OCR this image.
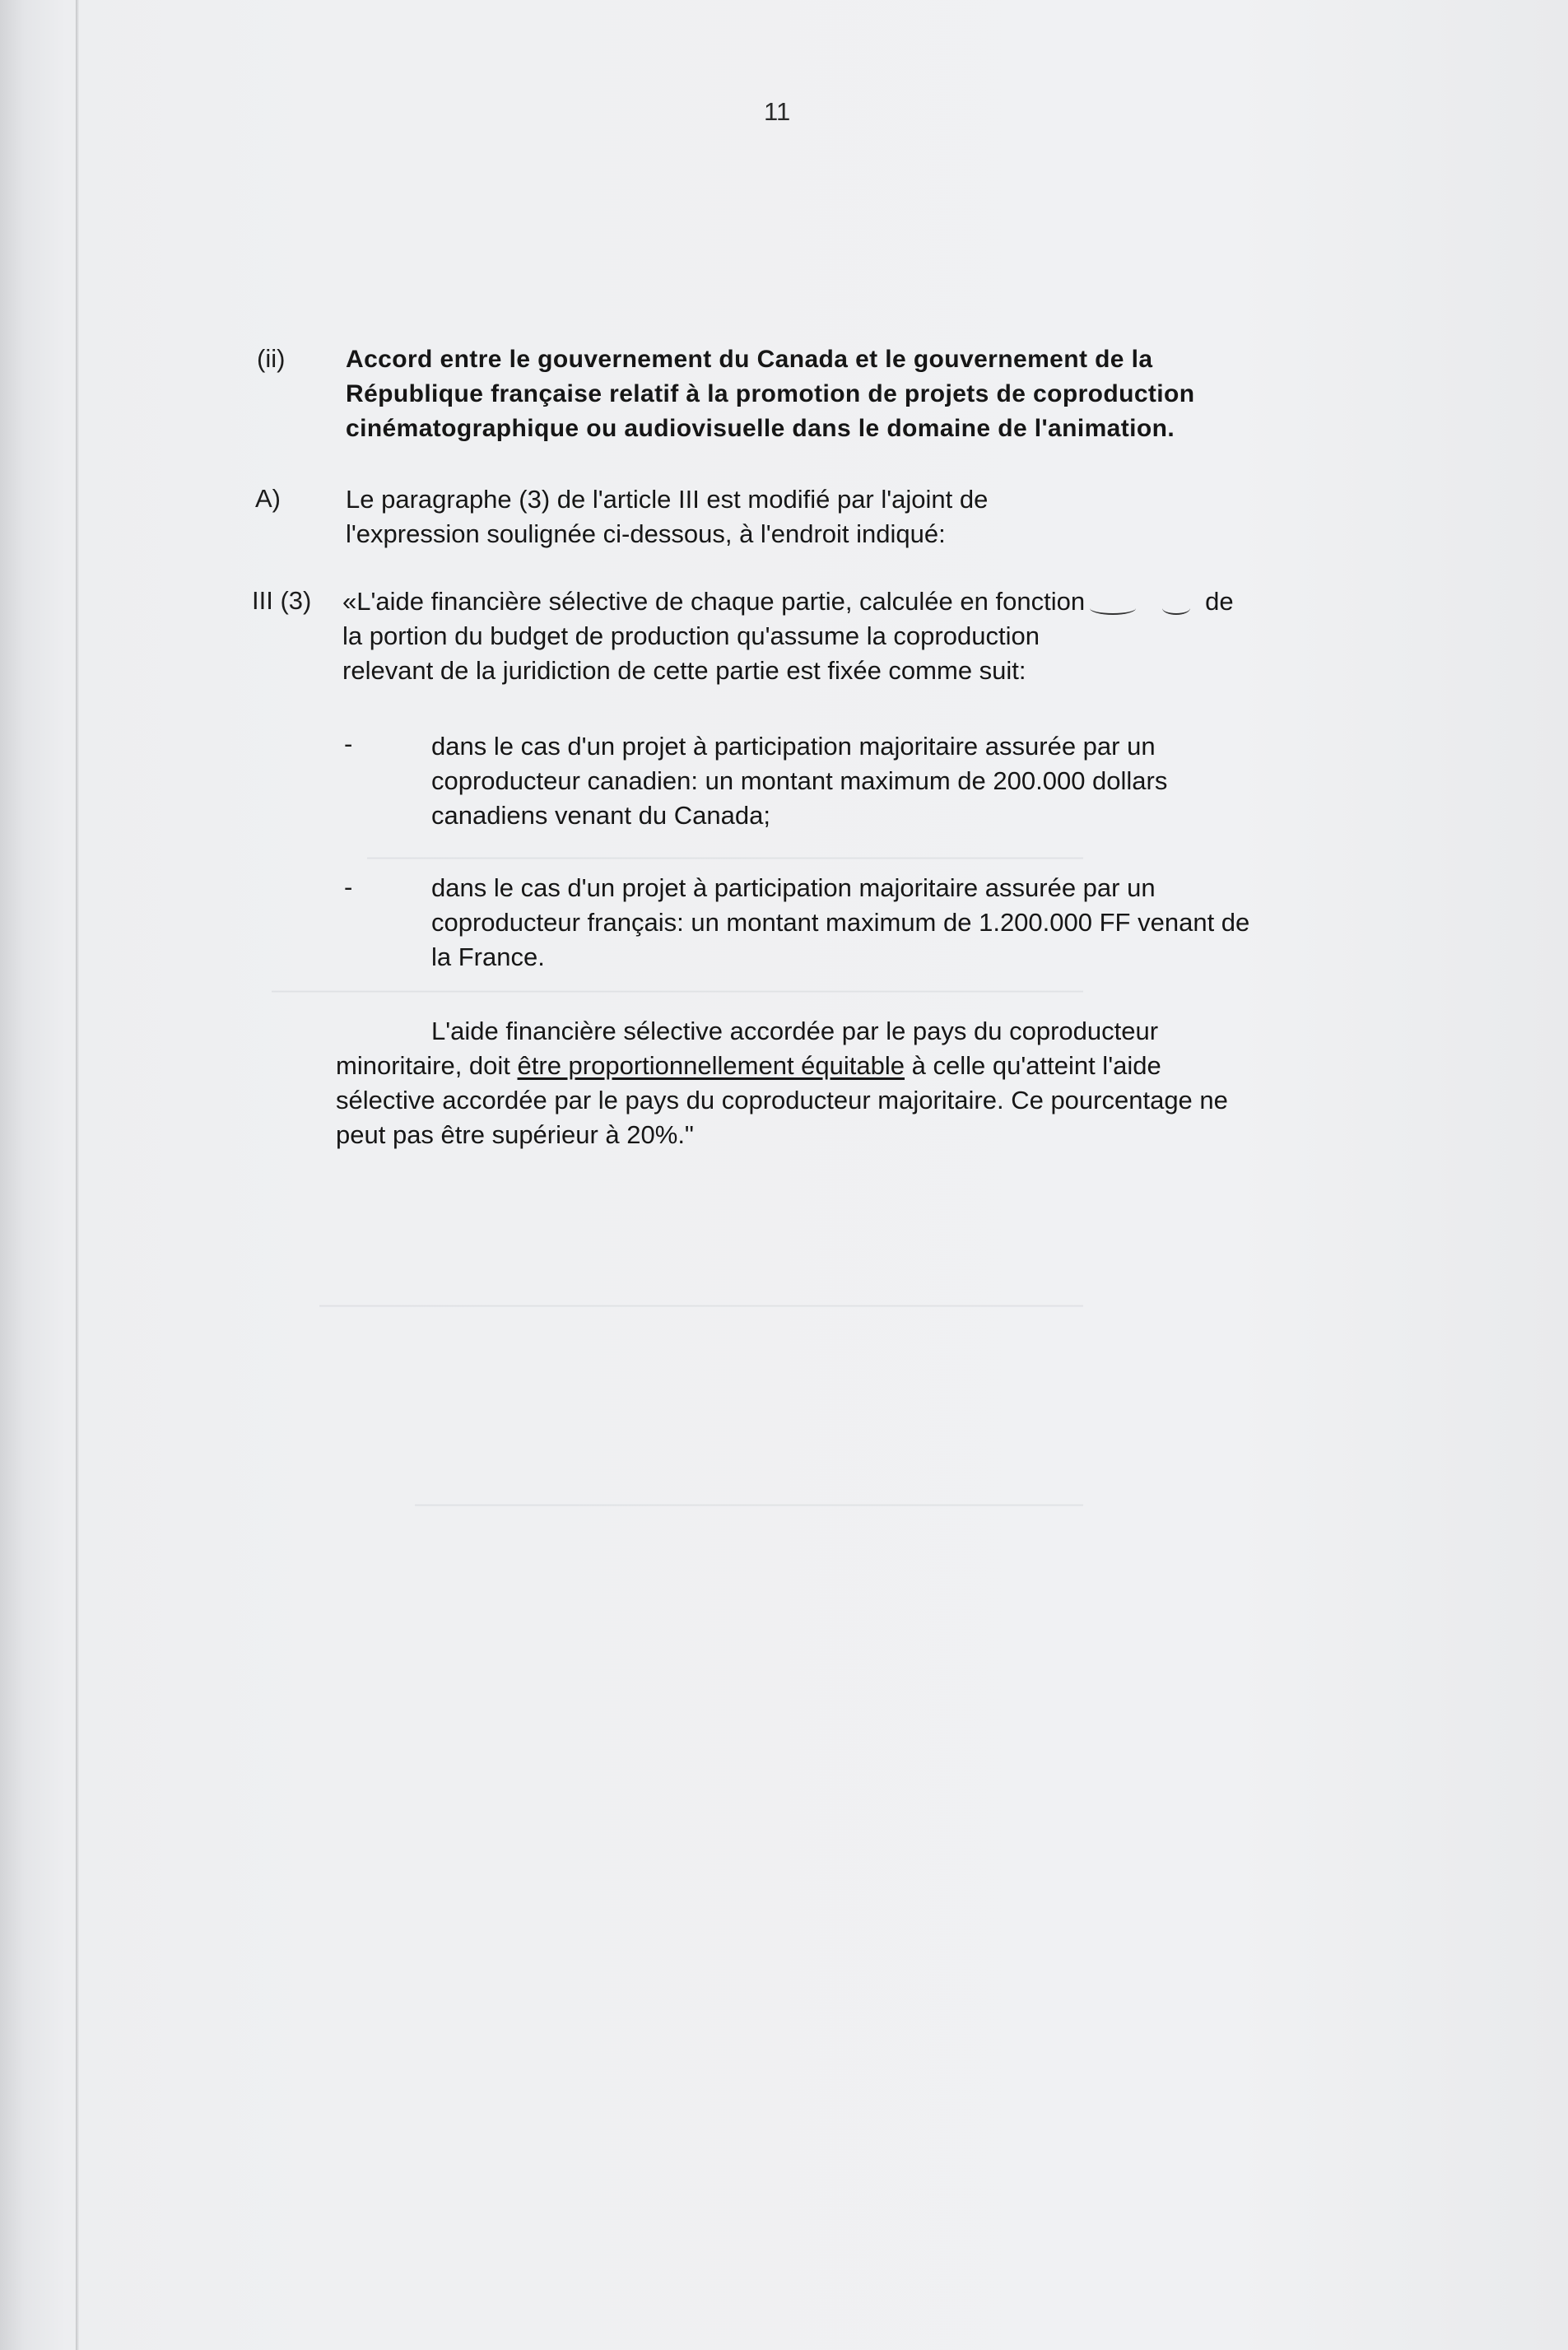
——————————————————————————————
——————————————————————————————————
————————————————————————————————
————————————————————————————
11
(ii) Accord entre le gouvernement du Canada et le gouvernement de la
République française relatif à la promotion de projets de coproduction
cinématographique ou audiovisuelle dans le domaine de l'animation.
A)	Le paragraphe (3) de l'article III est modifié par l'ajoint de
l'expression soulignée ci-dessous, à l'endroit indiqué:
III (3) «L'aide financière sélective de chaque partie, calculée en fonction	de
la portion du budget de production qu'assume la coproduction
relevant de la juridiction de cette partie est fixée comme suit:
-	dans le cas d'un projet à participation majoritaire assurée par un
coproducteur canadien: un montant maximum de 200.000 dollars
canadiens venant du Canada;
-	dans le cas d'un projet à participation majoritaire assurée par un
coproducteur français: un montant maximum de 1.200.000 FF venant de
la France.
L'aide financière sélective accordée par le pays du coproducteur
minoritaire, doit être proportionnellement équitable à celle qu'atteint l'aide
sélective accordée par le pays du coproducteur majoritaire. Ce pourcentage ne
peut pas être supérieur à 20%."
